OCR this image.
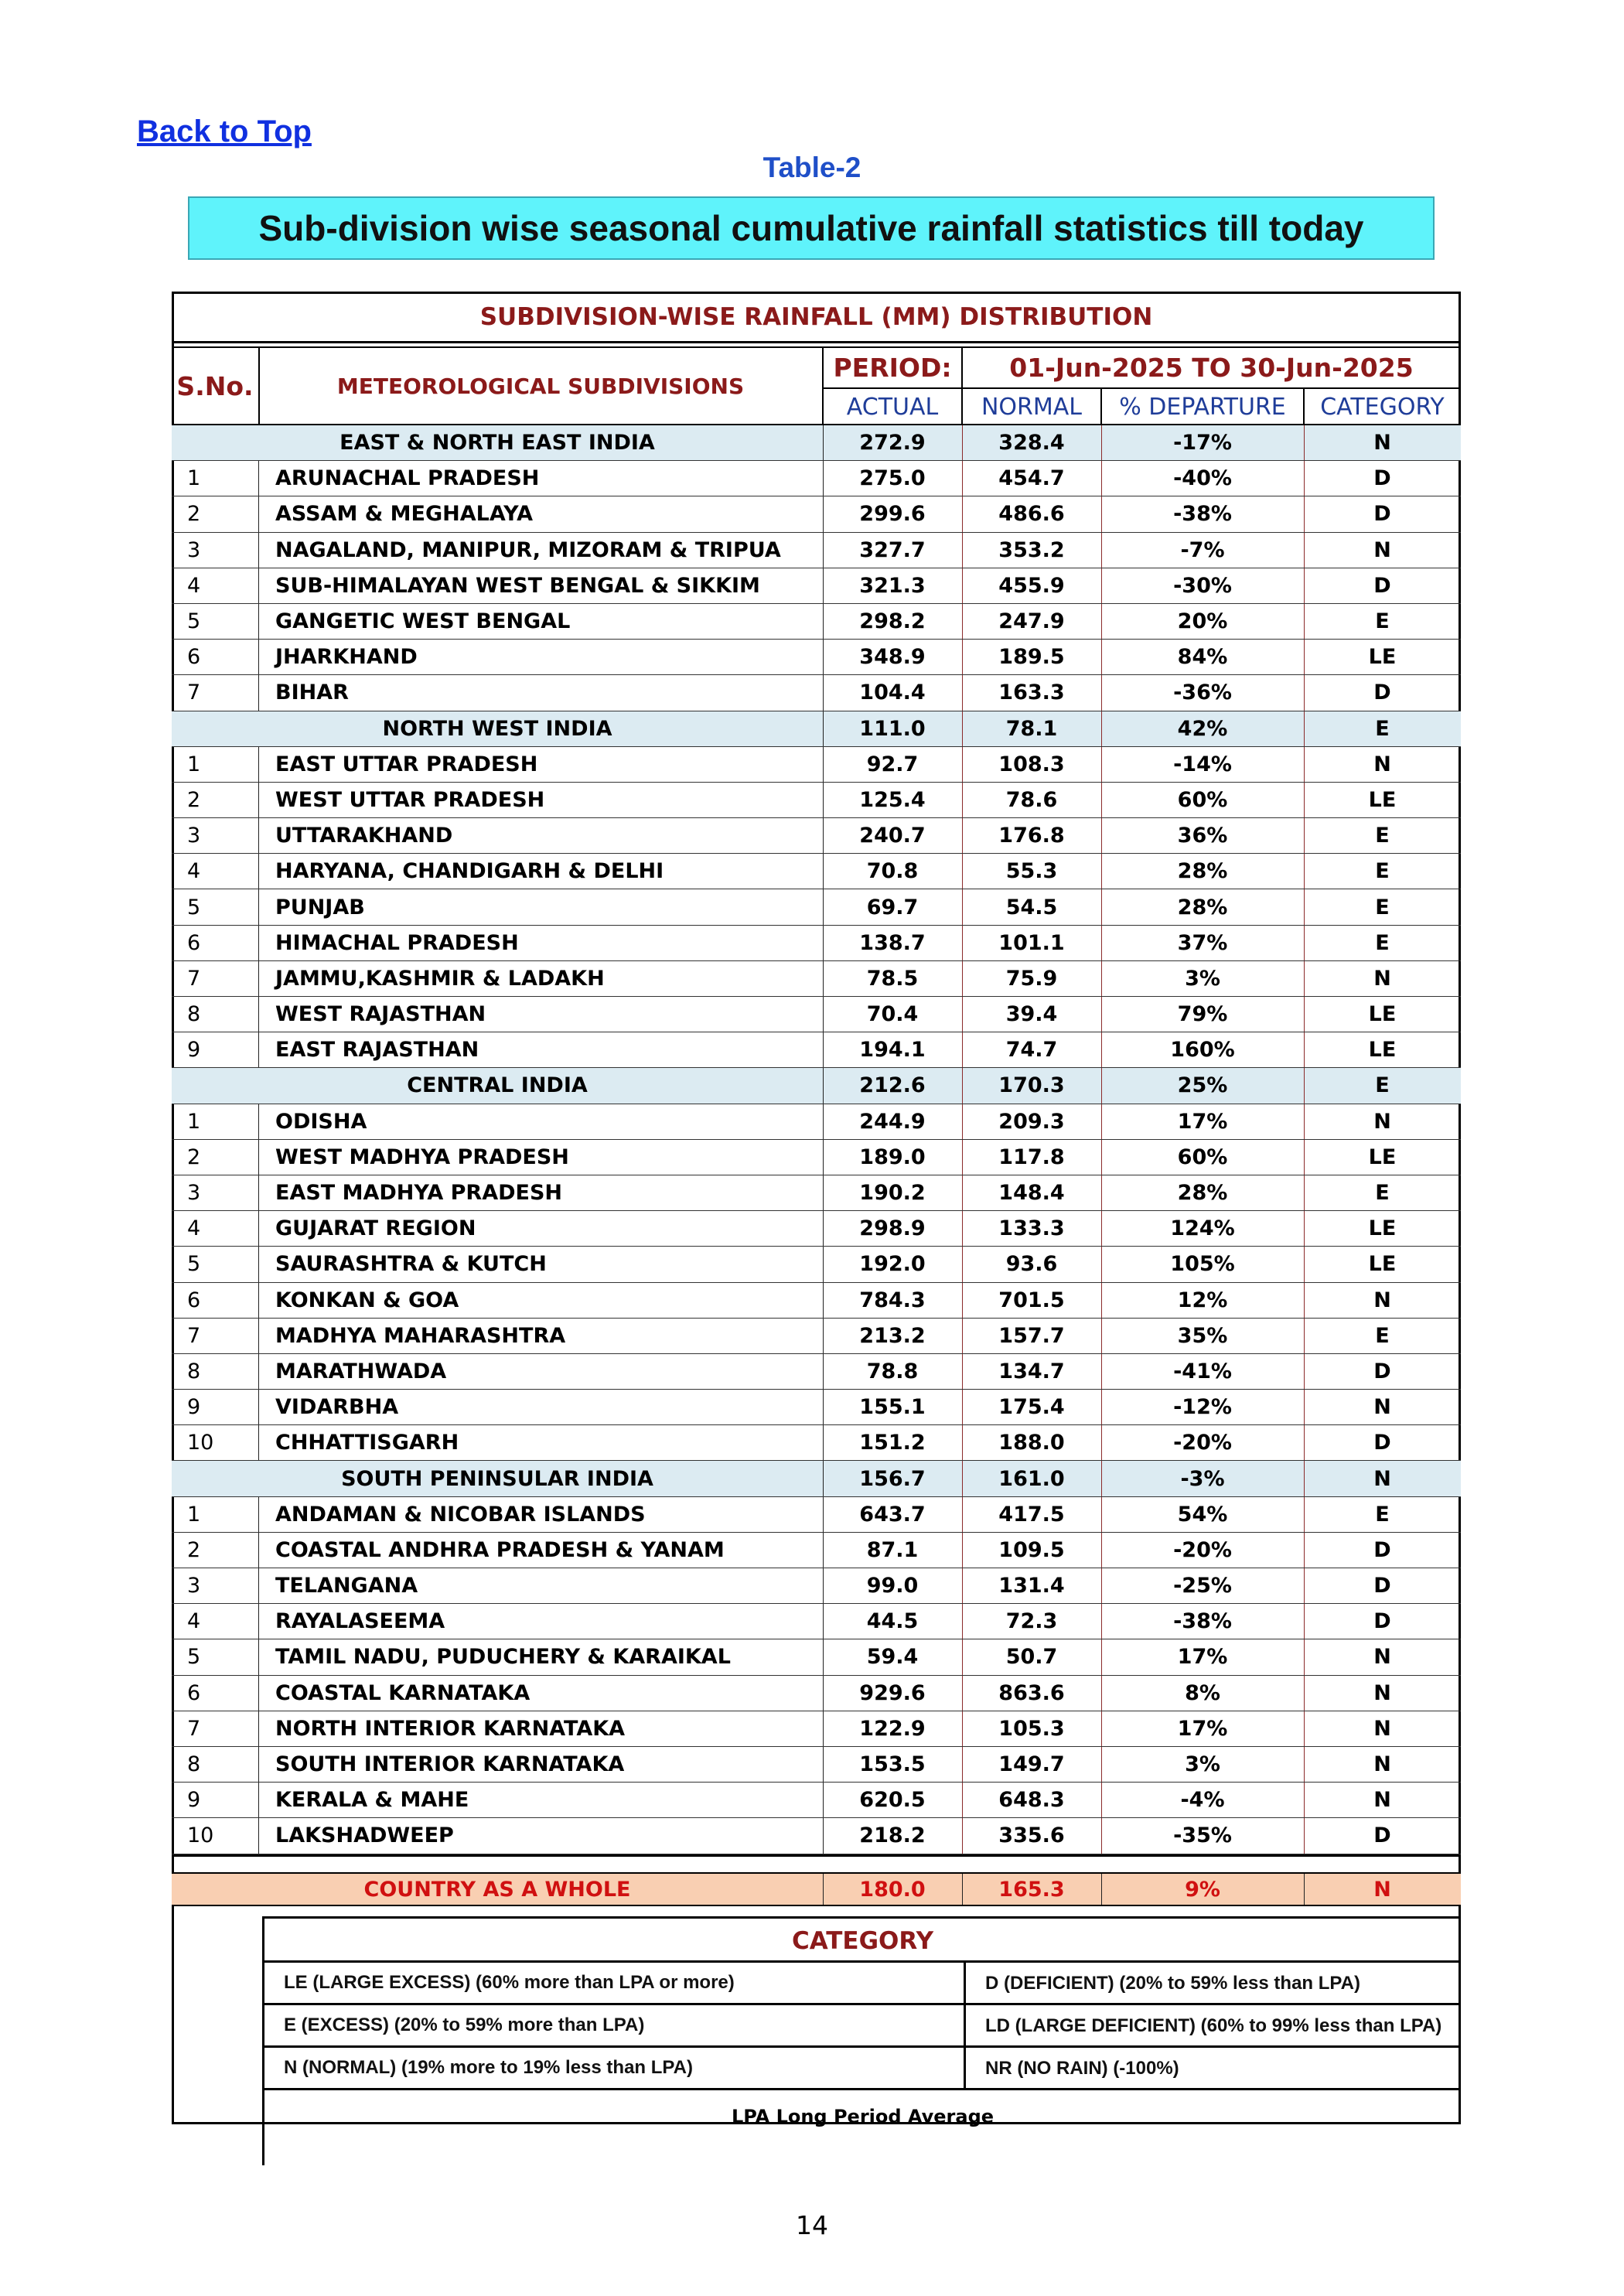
Back to Top
Table-2
Sub-division wise seasonal cumulative rainfall statistics till today
SUBDIVISION-WISE RAINFALL (MM) DISTRIBUTION
S.No.	METEOROLOGICAL SUBDIVISIONS
PERIOD:	01-Jun-2025 TO 30-Jun-2025
ACTUAL	NORMAL	% DEPARTURE	CATEGORY
EAST & NORTH EAST INDIA	272.9	328.4	-17%	N
1	ARUNACHAL PRADESH	275.0	454.7	-40%	D
2	ASSAM & MEGHALAYA	299.6	486.6	-38%	D
3	NAGALAND, MANIPUR, MIZORAM & TRIPUA	327.7	353.2	-7%	N
4	SUB-HIMALAYAN WEST BENGAL & SIKKIM	321.3	455.9	-30%	D
5	GANGETIC WEST BENGAL	298.2	247.9	20%	E
6	JHARKHAND	348.9	189.5	84%	LE
7	BIHAR	104.4	163.3	-36%	D
NORTH WEST INDIA	111.0	78.1	42%	E
1	EAST UTTAR PRADESH	92.7	108.3	-14%	N
2	WEST UTTAR PRADESH	125.4	78.6	60%	LE
3	UTTARAKHAND	240.7	176.8	36%	E
4	HARYANA, CHANDIGARH & DELHI	70.8	55.3	28%	E
5	PUNJAB	69.7	54.5	28%	E
6	HIMACHAL PRADESH	138.7	101.1	37%	E
7	JAMMU,KASHMIR & LADAKH	78.5	75.9	3%	N
8	WEST RAJASTHAN	70.4	39.4	79%	LE
9	EAST RAJASTHAN	194.1	74.7	160%	LE
CENTRAL INDIA	212.6	170.3	25%	E
1	ODISHA	244.9	209.3	17%	N
2	WEST MADHYA PRADESH	189.0	117.8	60%	LE
3	EAST MADHYA PRADESH	190.2	148.4	28%	E
4	GUJARAT REGION	298.9	133.3	124%	LE
5	SAURASHTRA & KUTCH	192.0	93.6	105%	LE
6	KONKAN & GOA	784.3	701.5	12%	N
7	MADHYA MAHARASHTRA	213.2	157.7	35%	E
8	MARATHWADA	78.8	134.7	-41%	D
9	VIDARBHA	155.1	175.4	-12%	N
10	CHHATTISGARH	151.2	188.0	-20%	D
SOUTH PENINSULAR INDIA	156.7	161.0	-3%	N
1	ANDAMAN & NICOBAR ISLANDS	643.7	417.5	54%	E
2	COASTAL ANDHRA PRADESH & YANAM	87.1	109.5	-20%	D
3	TELANGANA	99.0	131.4	-25%	D
4	RAYALASEEMA	44.5	72.3	-38%	D
5	TAMIL NADU, PUDUCHERY & KARAIKAL	59.4	50.7	17%	N
6	COASTAL KARNATAKA	929.6	863.6	8%	N
7	NORTH INTERIOR KARNATAKA	122.9	105.3	17%	N
8	SOUTH INTERIOR KARNATAKA	153.5	149.7	3%	N
9	KERALA & MAHE	620.5	648.3	-4%	N
10	LAKSHADWEEP	218.2	335.6	-35%	D
COUNTRY AS A WHOLE	180.0	165.3	9%	N
CATEGORY
LE (LARGE EXCESS) (60% more than LPA or more)	D (DEFICIENT) (20% to 59% less than LPA)
E (EXCESS) (20% to 59% more than LPA)	LD (LARGE DEFICIENT) (60% to 99% less than LPA)
N (NORMAL) (19% more to 19% less than LPA)	NR (NO RAIN) (-100%)
LPA Long Period Average
14
